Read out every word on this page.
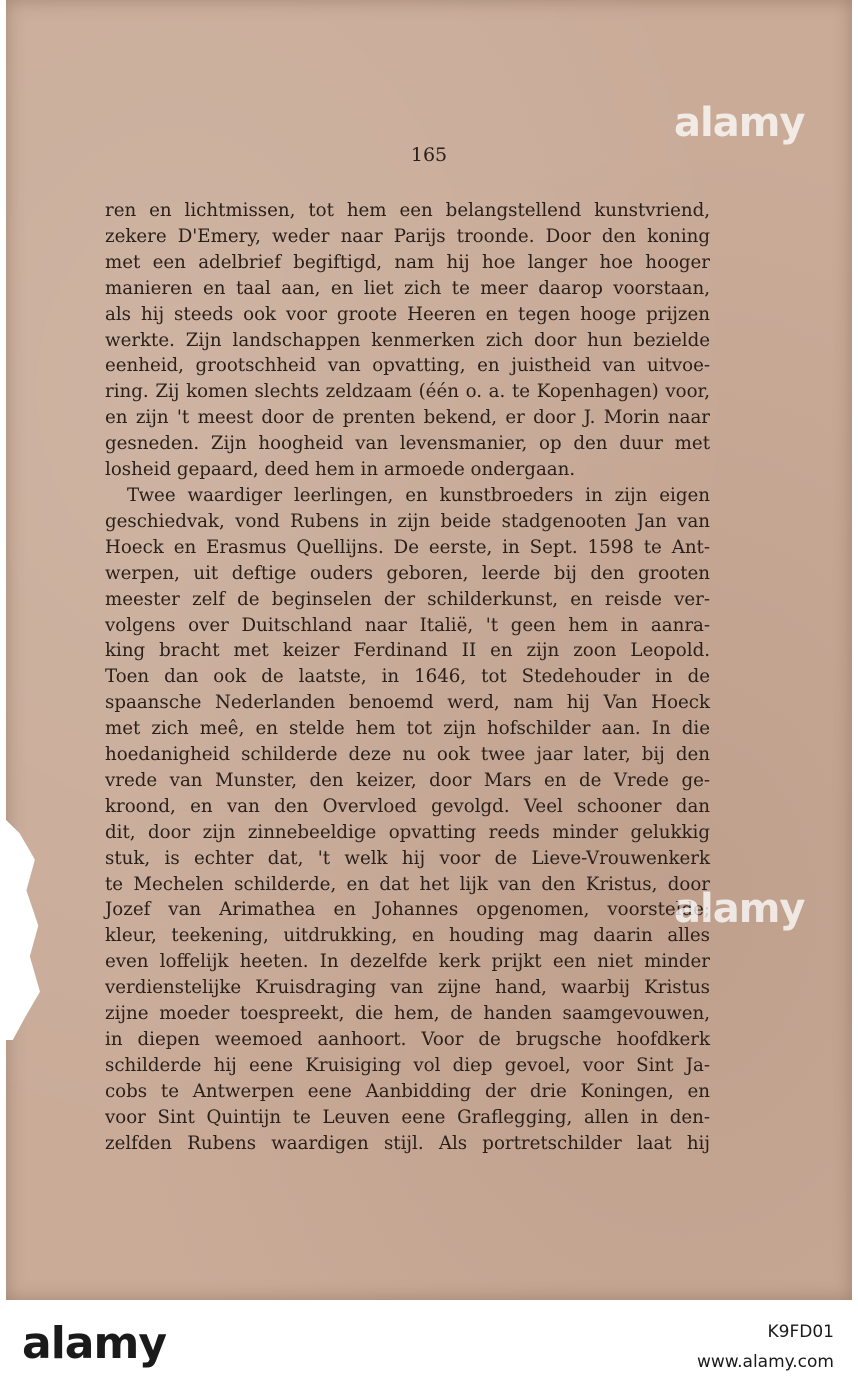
165
ren en lichtmissen, tot hem een belangstellend kunstvriend,
zekere D'Emery, weder naar Parijs troonde. Door den koning
met een adelbrief begiftigd, nam hij hoe langer hoe hooger
manieren en taal aan, en liet zich te meer daarop voorstaan,
als hij steeds ook voor groote Heeren en tegen hooge prijzen
werkte. Zijn landschappen kenmerken zich door hun bezielde
eenheid, grootschheid van opvatting, en juistheid van uitvoe-
ring. Zij komen slechts zeldzaam (één o. a. te Kopenhagen) voor,
en zijn 't meest door de prenten bekend, er door J. Morin naar
gesneden. Zijn hoogheid van levensmanier, op den duur met
losheid gepaard, deed hem in armoede ondergaan.
Twee waardiger leerlingen, en kunstbroeders in zijn eigen
geschiedvak, vond Rubens in zijn beide stadgenooten Jan van
Hoeck en Erasmus Quellijns. De eerste, in Sept. 1598 te Ant-
werpen, uit deftige ouders geboren, leerde bij den grooten
meester zelf de beginselen der schilderkunst, en reisde ver-
volgens over Duitschland naar Italië, 't geen hem in aanra-
king bracht met keizer Ferdinand II en zijn zoon Leopold.
Toen dan ook de laatste, in 1646, tot Stedehouder in de
spaansche Nederlanden benoemd werd, nam hij Van Hoeck
met zich meê, en stelde hem tot zijn hofschilder aan. In die
hoedanigheid schilderde deze nu ook twee jaar later, bij den
vrede van Munster, den keizer, door Mars en de Vrede ge-
kroond, en van den Overvloed gevolgd. Veel schooner dan
dit, door zijn zinnebeeldige opvatting reeds minder gelukkig
stuk, is echter dat, 't welk hij voor de Lieve-Vrouwenkerk
te Mechelen schilderde, en dat het lijk van den Kristus, door
Jozef van Arimathea en Johannes opgenomen, voorstelde;
kleur, teekening, uitdrukking, en houding mag daarin alles
even loffelijk heeten. In dezelfde kerk prijkt een niet minder
verdienstelijke Kruisdraging van zijne hand, waarbij Kristus
zijne moeder toespreekt, die hem, de handen saamgevouwen,
in diepen weemoed aanhoort. Voor de brugsche hoofdkerk
schilderde hij eene Kruisiging vol diep gevoel, voor Sint Ja-
cobs te Antwerpen eene Aanbidding der drie Koningen, en
voor Sint Quintijn te Leuven eene Graflegging, allen in den-
zelfden Rubens waardigen stijl. Als portretschilder laat hij
alamy
alamy
alamy	K9FD01
www.alamy.com
